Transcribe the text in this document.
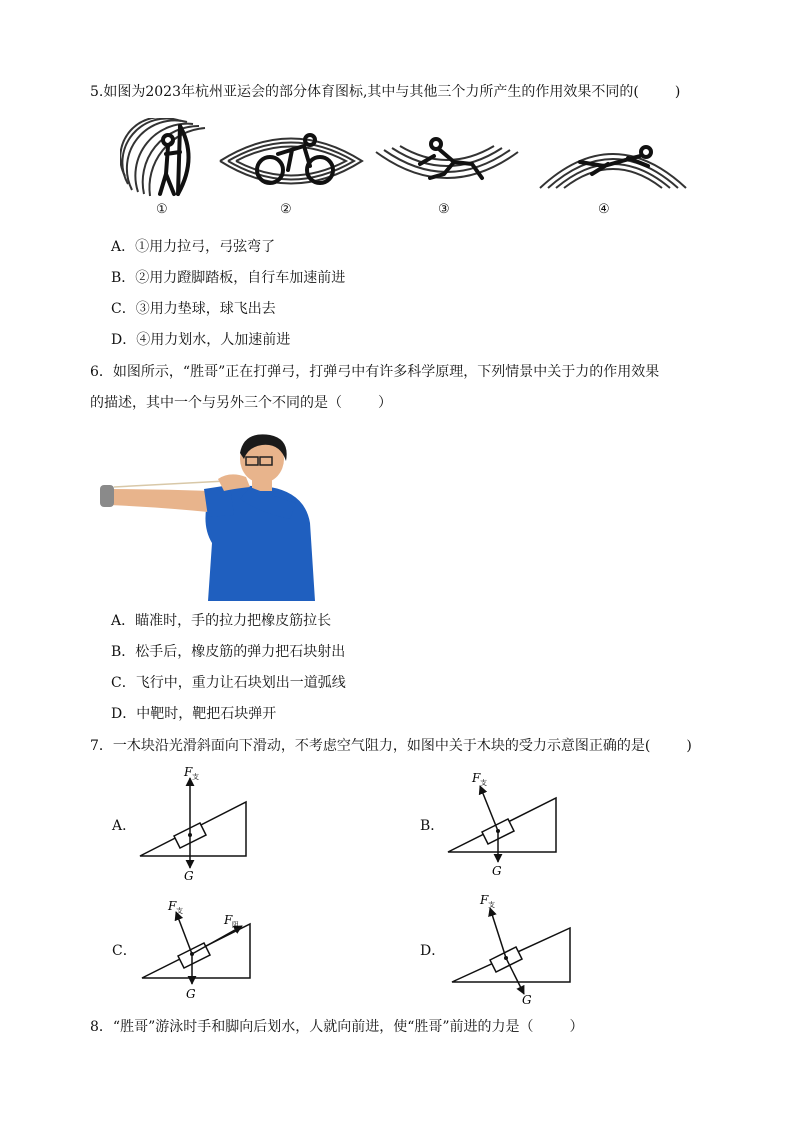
5.如图为2023年杭州亚运会的部分体育图标,其中与其他三个力所产生的作用效果不同的(	)
①	②	③	④
A．①用力拉弓，弓弦弯了
B．②用力蹬脚踏板，自行车加速前进
C．③用力垫球，球飞出去
D．④用力划水，人加速前进
6．如图所示，“胜哥”正在打弹弓，打弹弓中有许多科学原理，下列情景中关于力的作用效果
的描述，其中一个与另外三个不同的是（	）
A．瞄准时，手的拉力把橡皮筋拉长
B．松手后，橡皮筋的弹力把石块射出
C．飞行中，重力让石块划出一道弧线
D．中靶时，靶把石块弹开
7．一木块沿光滑斜面向下滑动，不考虑空气阻力，如图中关于木块的受力示意图正确的是(	)
A．
F 支
G
B．
F 支
G
C．
F 支
F 阻
G
D．
F 支
G
8．“胜哥”游泳时手和脚向后划水，人就向前进，使“胜哥”前进的力是（	）
